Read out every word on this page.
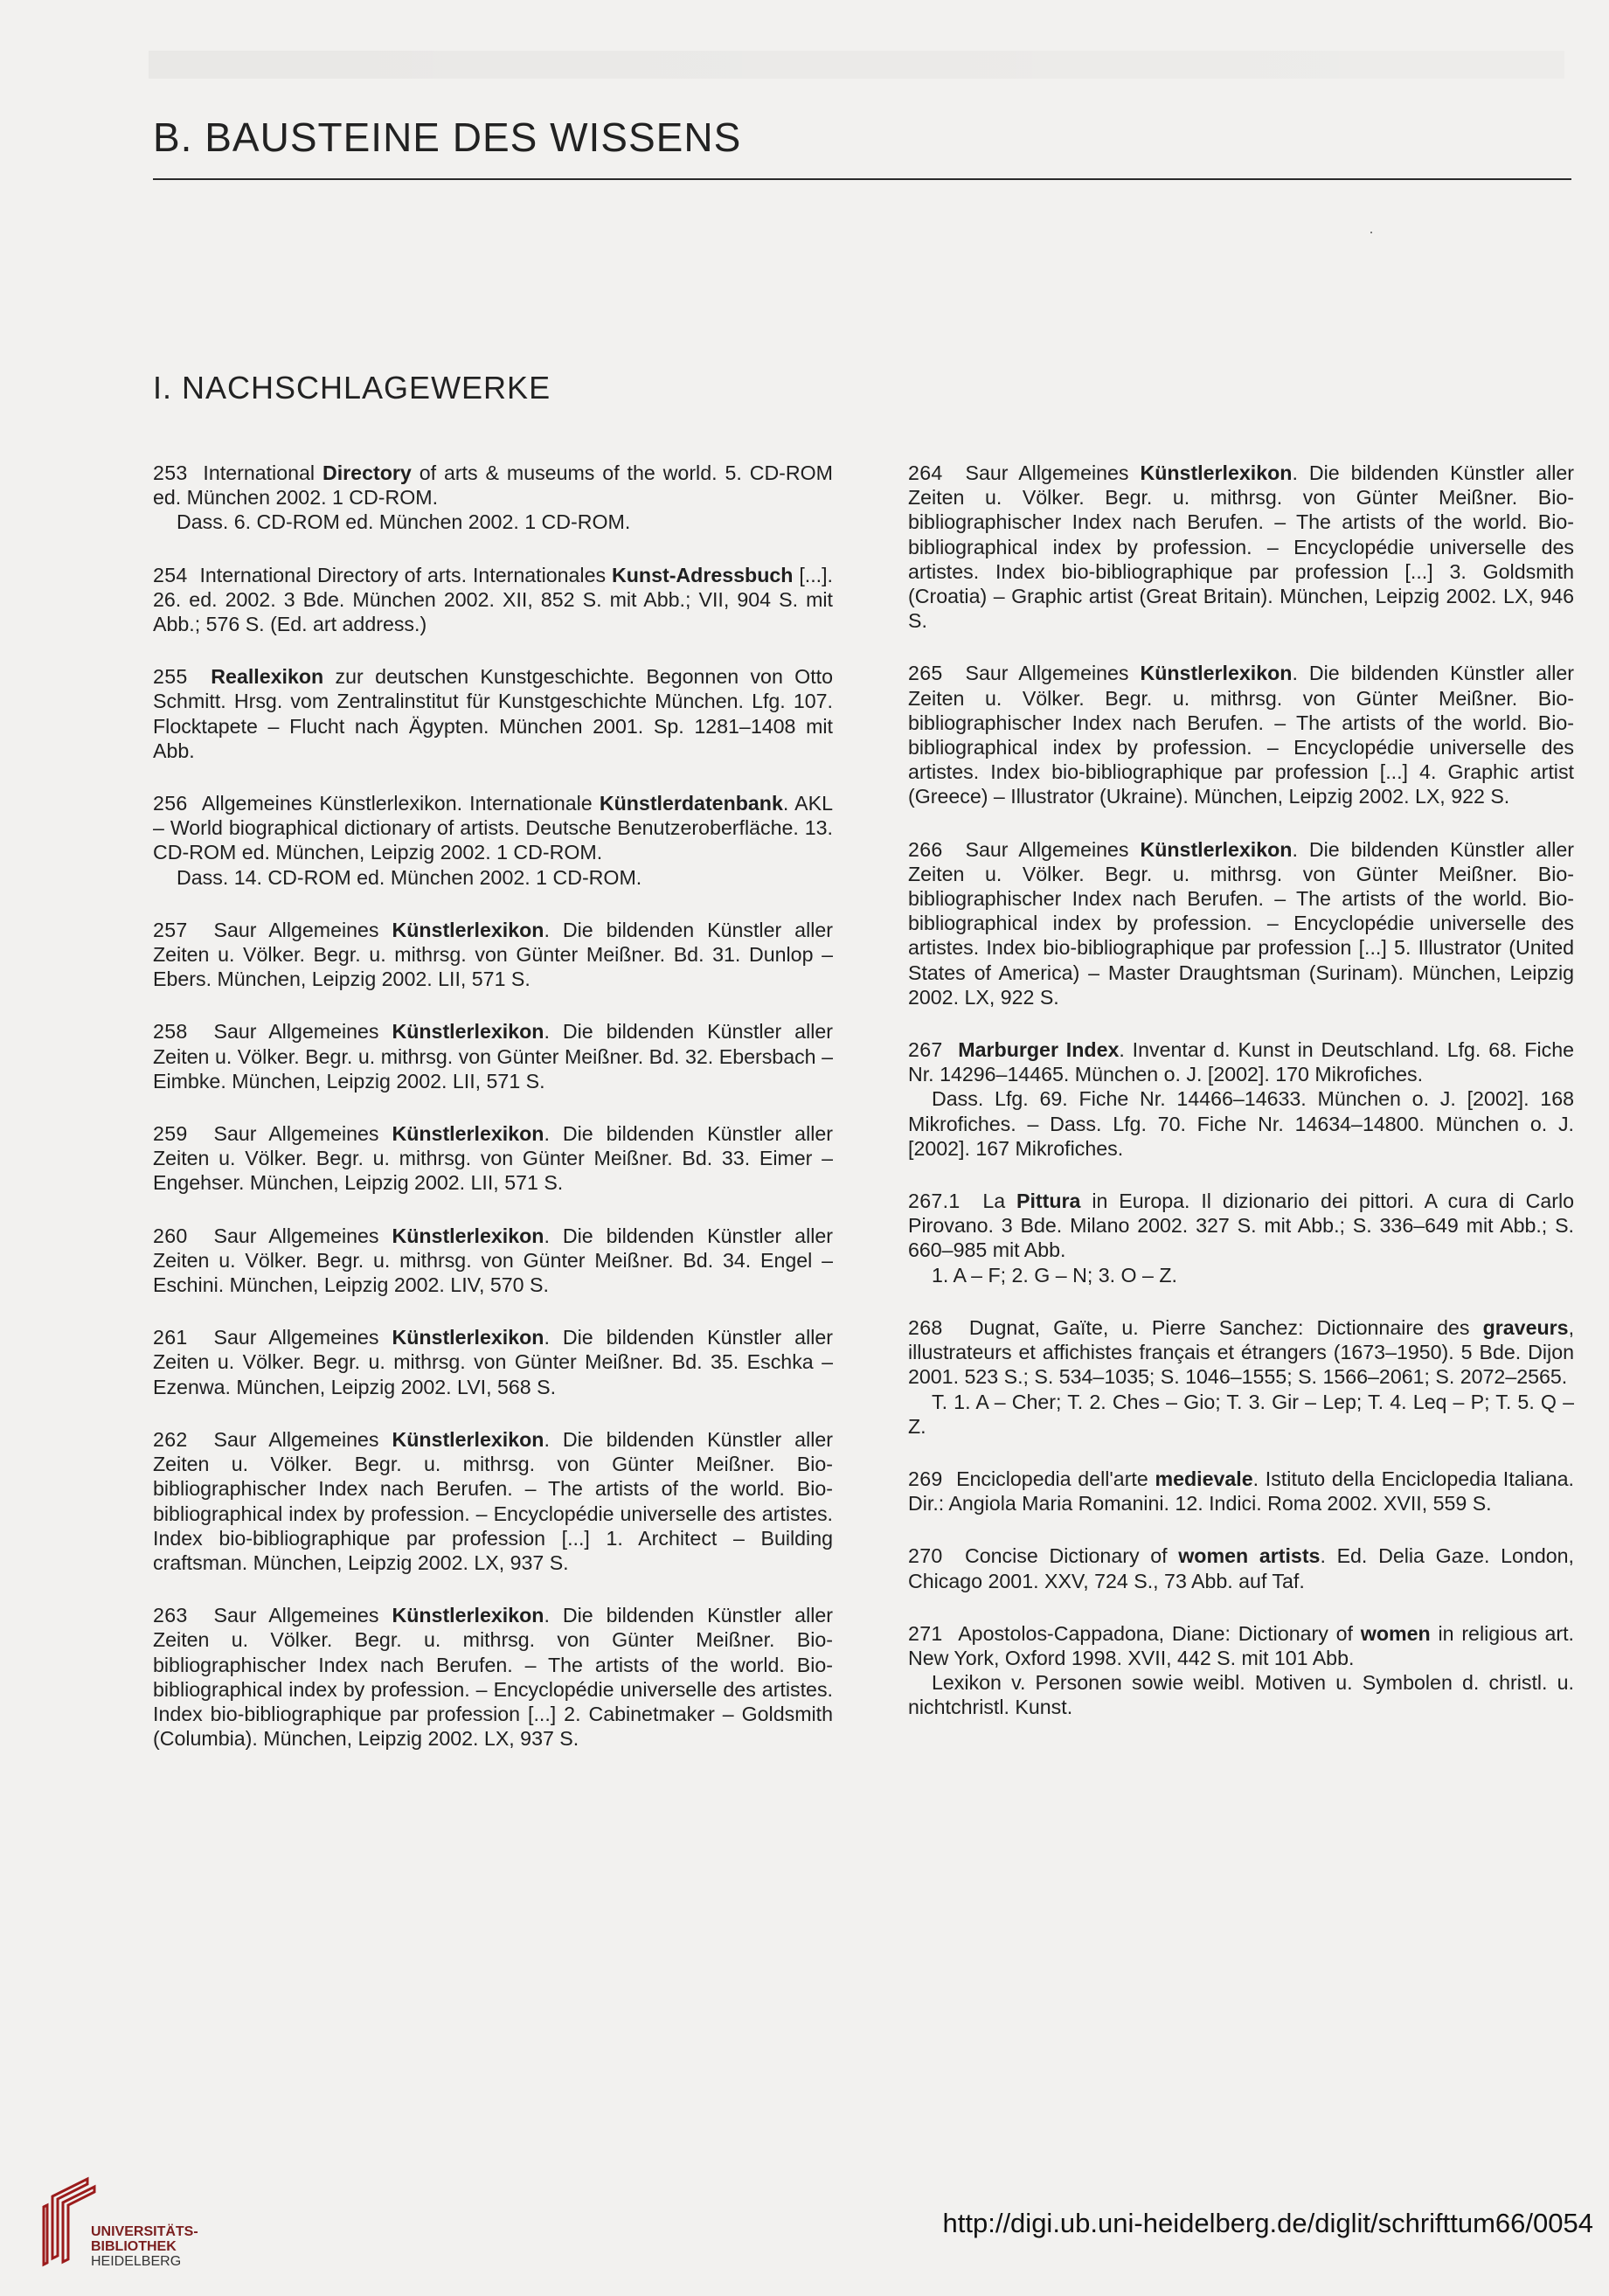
B. BAUSTEINE DES WISSENS
I. NACHSCHLAGEWERKE

253 International Directory of arts & museums of the world. 5. CD-ROM ed. München 2002. 1 CD-ROM.

Dass. 6. CD-ROM ed. München 2002. 1 CD-ROM.

254 International Directory of arts. Internationales Kunst-Adressbuch [...]. 26. ed. 2002. 3 Bde. München 2002. XII, 852 S. mit Abb.; VII, 904 S. mit Abb.; 576 S. (Ed. art address.)

255 Reallexikon zur deutschen Kunstgeschichte. Begonnen von Otto Schmitt. Hrsg. vom Zentralinstitut für Kunstgeschichte München. Lfg. 107. Flocktapete – Flucht nach Ägypten. München 2001. Sp. 1281–1408 mit Abb.

256 Allgemeines Künstlerlexikon. Internationale Künstlerdatenbank. AKL – World biographical dictionary of artists. Deutsche Benutzeroberfläche. 13. CD-ROM ed. München, Leipzig 2002. 1 CD-ROM.

Dass. 14. CD-ROM ed. München 2002. 1 CD-ROM.

257 Saur Allgemeines Künstlerlexikon. Die bildenden Künstler aller Zeiten u. Völker. Begr. u. mithrsg. von Günter Meißner. Bd. 31. Dunlop – Ebers. München, Leipzig 2002. LII, 571 S.

258 Saur Allgemeines Künstlerlexikon. Die bildenden Künstler aller Zeiten u. Völker. Begr. u. mithrsg. von Günter Meißner. Bd. 32. Ebersbach – Eimbke. München, Leipzig 2002. LII, 571 S.

259 Saur Allgemeines Künstlerlexikon. Die bildenden Künstler aller Zeiten u. Völker. Begr. u. mithrsg. von Günter Meißner. Bd. 33. Eimer – Engehser. München, Leipzig 2002. LII, 571 S.

260 Saur Allgemeines Künstlerlexikon. Die bildenden Künstler aller Zeiten u. Völker. Begr. u. mithrsg. von Günter Meißner. Bd. 34. Engel – Eschini. München, Leipzig 2002. LIV, 570 S.

261 Saur Allgemeines Künstlerlexikon. Die bildenden Künstler aller Zeiten u. Völker. Begr. u. mithrsg. von Günter Meißner. Bd. 35. Eschka – Ezenwa. München, Leipzig 2002. LVI, 568 S.

262 Saur Allgemeines Künstlerlexikon. Die bildenden Künstler aller Zeiten u. Völker. Begr. u. mithrsg. von Günter Meißner. Bio-bibliographischer Index nach Berufen. – The artists of the world. Bio-bibliographical index by profession. – Encyclopédie universelle des artistes. Index bio-bibliographique par profession [...] 1. Architect – Building craftsman. München, Leipzig 2002. LX, 937 S.

263 Saur Allgemeines Künstlerlexikon. Die bildenden Künstler aller Zeiten u. Völker. Begr. u. mithrsg. von Günter Meißner. Bio-bibliographischer Index nach Berufen. – The artists of the world. Bio-bibliographical index by profession. – Encyclopédie universelle des artistes. Index bio-bibliographique par profession [...] 2. Cabinetmaker – Goldsmith (Columbia). München, Leipzig 2002. LX, 937 S.

264 Saur Allgemeines Künstlerlexikon. Die bildenden Künstler aller Zeiten u. Völker. Begr. u. mithrsg. von Günter Meißner. Bio-bibliographischer Index nach Berufen. – The artists of the world. Bio-bibliographical index by profession. – Encyclopédie universelle des artistes. Index bio-bibliographique par profession [...] 3. Goldsmith (Croatia) – Graphic artist (Great Britain). München, Leipzig 2002. LX, 946 S.

265 Saur Allgemeines Künstlerlexikon. Die bildenden Künstler aller Zeiten u. Völker. Begr. u. mithrsg. von Günter Meißner. Bio-bibliographischer Index nach Berufen. – The artists of the world. Bio-bibliographical index by profession. – Encyclopédie universelle des artistes. Index bio-bibliographique par profession [...] 4. Graphic artist (Greece) – Illustrator (Ukraine). München, Leipzig 2002. LX, 922 S.

266 Saur Allgemeines Künstlerlexikon. Die bildenden Künstler aller Zeiten u. Völker. Begr. u. mithrsg. von Günter Meißner. Bio-bibliographischer Index nach Berufen. – The artists of the world. Bio-bibliographical index by profession. – Encyclopédie universelle des artistes. Index bio-bibliographique par profession [...] 5. Illustrator (United States of America) – Master Draughtsman (Surinam). München, Leipzig 2002. LX, 922 S.

267 Marburger Index. Inventar d. Kunst in Deutschland. Lfg. 68. Fiche Nr. 14296–14465. München o. J. [2002]. 170 Mikrofiches.

Dass. Lfg. 69. Fiche Nr. 14466–14633. München o. J. [2002]. 168 Mikrofiches. – Dass. Lfg. 70. Fiche Nr. 14634–14800. München o. J. [2002]. 167 Mikrofiches.

267.1 La Pittura in Europa. Il dizionario dei pittori. A cura di Carlo Pirovano. 3 Bde. Milano 2002. 327 S. mit Abb.; S. 336–649 mit Abb.; S. 660–985 mit Abb.

1. A – F; 2. G – N; 3. O – Z.

268 Dugnat, Gaïte, u. Pierre Sanchez: Dictionnaire des graveurs, illustrateurs et affichistes français et étrangers (1673–1950). 5 Bde. Dijon 2001. 523 S.; S. 534–1035; S. 1046–1555; S. 1566–2061; S. 2072–2565.

T. 1. A – Cher; T. 2. Ches – Gio; T. 3. Gir – Lep; T. 4. Leq – P; T. 5. Q – Z.

269 Enciclopedia dell'arte medievale. Istituto della Enciclopedia Italiana. Dir.: Angiola Maria Romanini. 12. Indici. Roma 2002. XVII, 559 S.

270 Concise Dictionary of women artists. Ed. Delia Gaze. London, Chicago 2001. XXV, 724 S., 73 Abb. auf Taf.

271 Apostolos-Cappadona, Diane: Dictionary of women in religious art. New York, Oxford 1998. XVII, 442 S. mit 101 Abb.

Lexikon v. Personen sowie weibl. Motiven u. Symbolen d. christl. u. nichtchristl. Kunst.

UNIVERSITÄTS-
BIBLIOTHEK
HEIDELBERG
http://digi.ub.uni-heidelberg.de/diglit/schrifttum66/0054
